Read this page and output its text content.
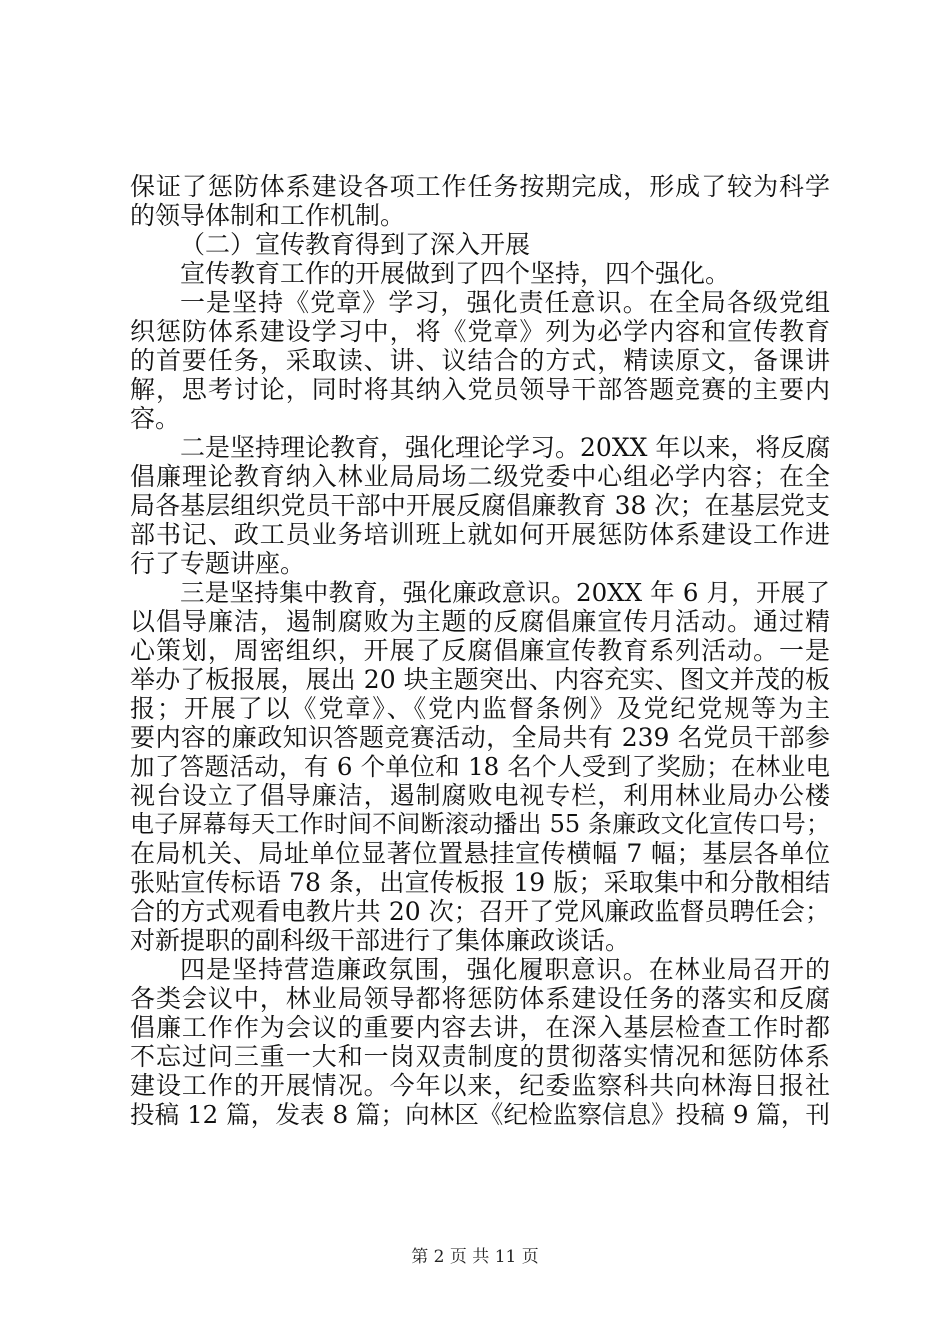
保证了惩防体系建设各项工作任务按期完成，形成了较为科学
的领导体制和工作机制。
（二）宣传教育得到了深入开展
宣传教育工作的开展做到了四个坚持，四个强化。
一是坚持《党章》学习，强化责任意识。在全局各级党组
织惩防体系建设学习中，将《党章》列为必学内容和宣传教育
的首要任务，采取读、讲、议结合的方式，精读原文，备课讲
解，思考讨论，同时将其纳入党员领导干部答题竞赛的主要内
容。
二是坚持理论教育，强化理论学习。20XX 年以来，将反腐
倡廉理论教育纳入林业局局场二级党委中心组必学内容；在全
局各基层组织党员干部中开展反腐倡廉教育 38 次；在基层党支
部书记、政工员业务培训班上就如何开展惩防体系建设工作进
行了专题讲座。
三是坚持集中教育，强化廉政意识。20XX 年 6 月，开展了
以倡导廉洁，遏制腐败为主题的反腐倡廉宣传月活动。通过精
心策划，周密组织，开展了反腐倡廉宣传教育系列活动。一是
举办了板报展，展出 20 块主题突出、内容充实、图文并茂的板
报；开展了以《党章》、《党内监督条例》及党纪党规等为主
要内容的廉政知识答题竞赛活动，全局共有 239 名党员干部参
加了答题活动，有 6 个单位和 18 名个人受到了奖励；在林业电
视台设立了倡导廉洁，遏制腐败电视专栏，利用林业局办公楼
电子屏幕每天工作时间不间断滚动播出 55 条廉政文化宣传口号；
在局机关、局址单位显著位置悬挂宣传横幅 7 幅；基层各单位
张贴宣传标语 78 条，出宣传板报 19 版；采取集中和分散相结
合的方式观看电教片共 20 次；召开了党风廉政监督员聘任会；
对新提职的副科级干部进行了集体廉政谈话。
四是坚持营造廉政氛围，强化履职意识。在林业局召开的
各类会议中，林业局领导都将惩防体系建设任务的落实和反腐
倡廉工作作为会议的重要内容去讲，在深入基层检查工作时都
不忘过问三重一大和一岗双责制度的贯彻落实情况和惩防体系
建设工作的开展情况。今年以来，纪委监察科共向林海日报社
投稿 12 篇，发表 8 篇；向林区《纪检监察信息》投稿 9 篇，刊
第 2 页 共 11 页
